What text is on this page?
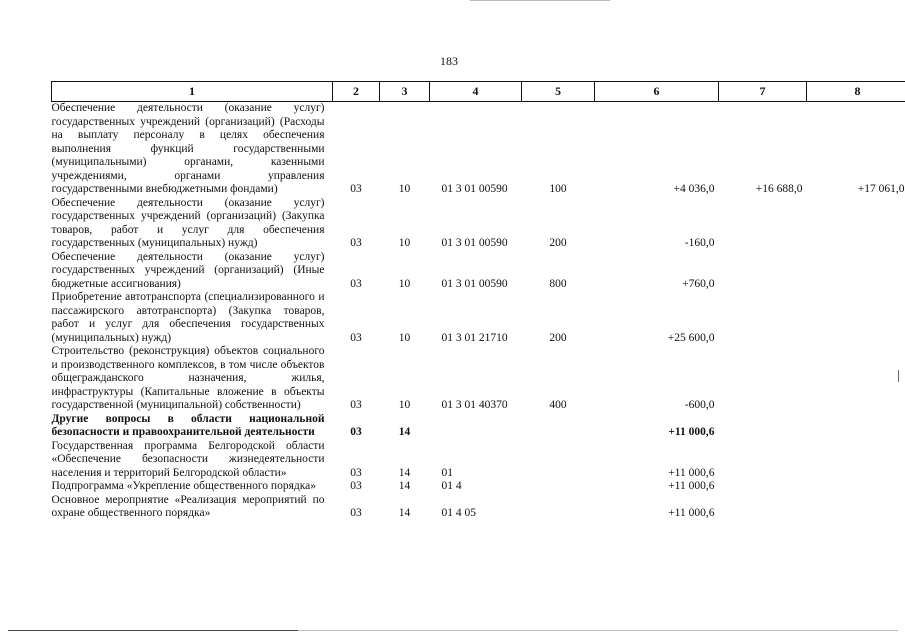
183
1	2	3	4	5	6	7	8
Обеспечение деятельности (оказание услуг) государственных учреждений (организаций) (Расходы на выплату персоналу в целях обеспечения выполнения функций государственными (муниципальными) органами, казенными учреждениями, органами управления государственными внебюджетными фондами)	03	10	01 3 01 00590	100	+4 036,0	+16 688,0	+17 061,0
Обеспечение деятельности (оказание услуг) государственных учреждений (организаций) (Закупка товаров, работ и услуг для обеспечения государственных (муниципальных) нужд)	03	10	01 3 01 00590	200	-160,0		
Обеспечение деятельности (оказание услуг) государственных учреждений (организаций) (Иные бюджетные ассигнования)	03	10	01 3 01 00590	800	+760,0		
Приобретение автотранспорта (специализированного и пассажирского автотранспорта) (Закупка товаров, работ и услуг для обеспечения государственных (муниципальных) нужд)	03	10	01 3 01 21710	200	+25 600,0		
Строительство (реконструкция) объектов социального и производственного комплексов, в том числе объектов общегражданского назначения, жилья, инфраструктуры (Капитальные вложение в объекты государственной (муниципальной) собственности)	03	10	01 3 01 40370	400	-600,0		
Другие вопросы в области национальной безопасности и правоохранительной деятельности	03	14			+11 000,6		
Государственная программа Белгородской области «Обеспечение безопасности жизнедеятельности населения и территорий Белгородской области»	03	14	01		+11 000,6		
Подпрограмма «Укрепление общественного порядка»	03	14	01 4		+11 000,6		
Основное мероприятие «Реализация мероприятий по охране общественного порядка»	03	14	01 4 05		+11 000,6		
